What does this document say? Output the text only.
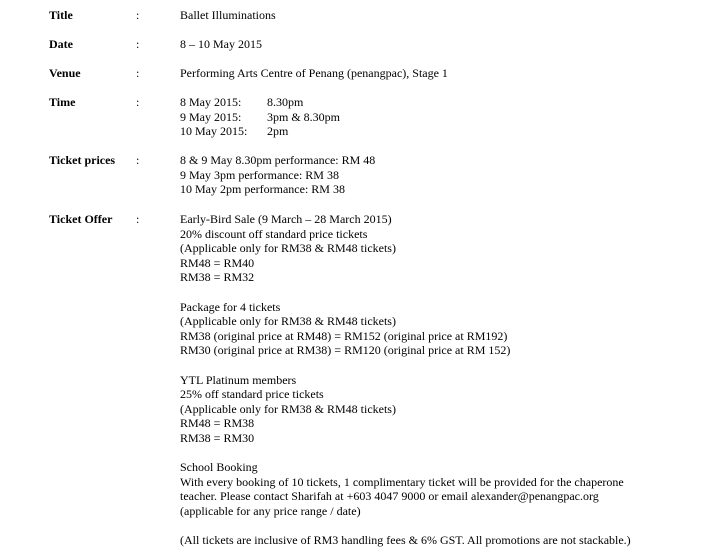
Title	:	Ballet Illuminations
Date	:	8 – 10 May 2015
Venue	:	Performing Arts Centre of Penang (penangpac), Stage 1
Time	:	8 May 2015: 8.30pm
9 May 2015: 3pm & 8.30pm
10 May 2015: 2pm
Ticket prices :	8 & 9 May 8.30pm performance: RM 48
9 May 3pm performance: RM 38
10 May 2pm performance: RM 38
Ticket Offer :	Early-Bird Sale (9 March – 28 March 2015)
20% discount off standard price tickets
(Applicable only for RM38 & RM48 tickets)
RM48 = RM40
RM38 = RM32
Package for 4 tickets
(Applicable only for RM38 & RM48 tickets)
RM38 (original price at RM48) = RM152 (original price at RM192)
RM30 (original price at RM38) = RM120 (original price at RM 152)
YTL Platinum members
25% off standard price tickets
(Applicable only for RM38 & RM48 tickets)
RM48 = RM38
RM38 = RM30
School Booking
With every booking of 10 tickets, 1 complimentary ticket will be provided for the chaperone
teacher. Please contact Sharifah at +603 4047 9000 or email alexander@penangpac.org
(applicable for any price range / date)
(All tickets are inclusive of RM3 handling fees & 6% GST. All promotions are not stackable.)
